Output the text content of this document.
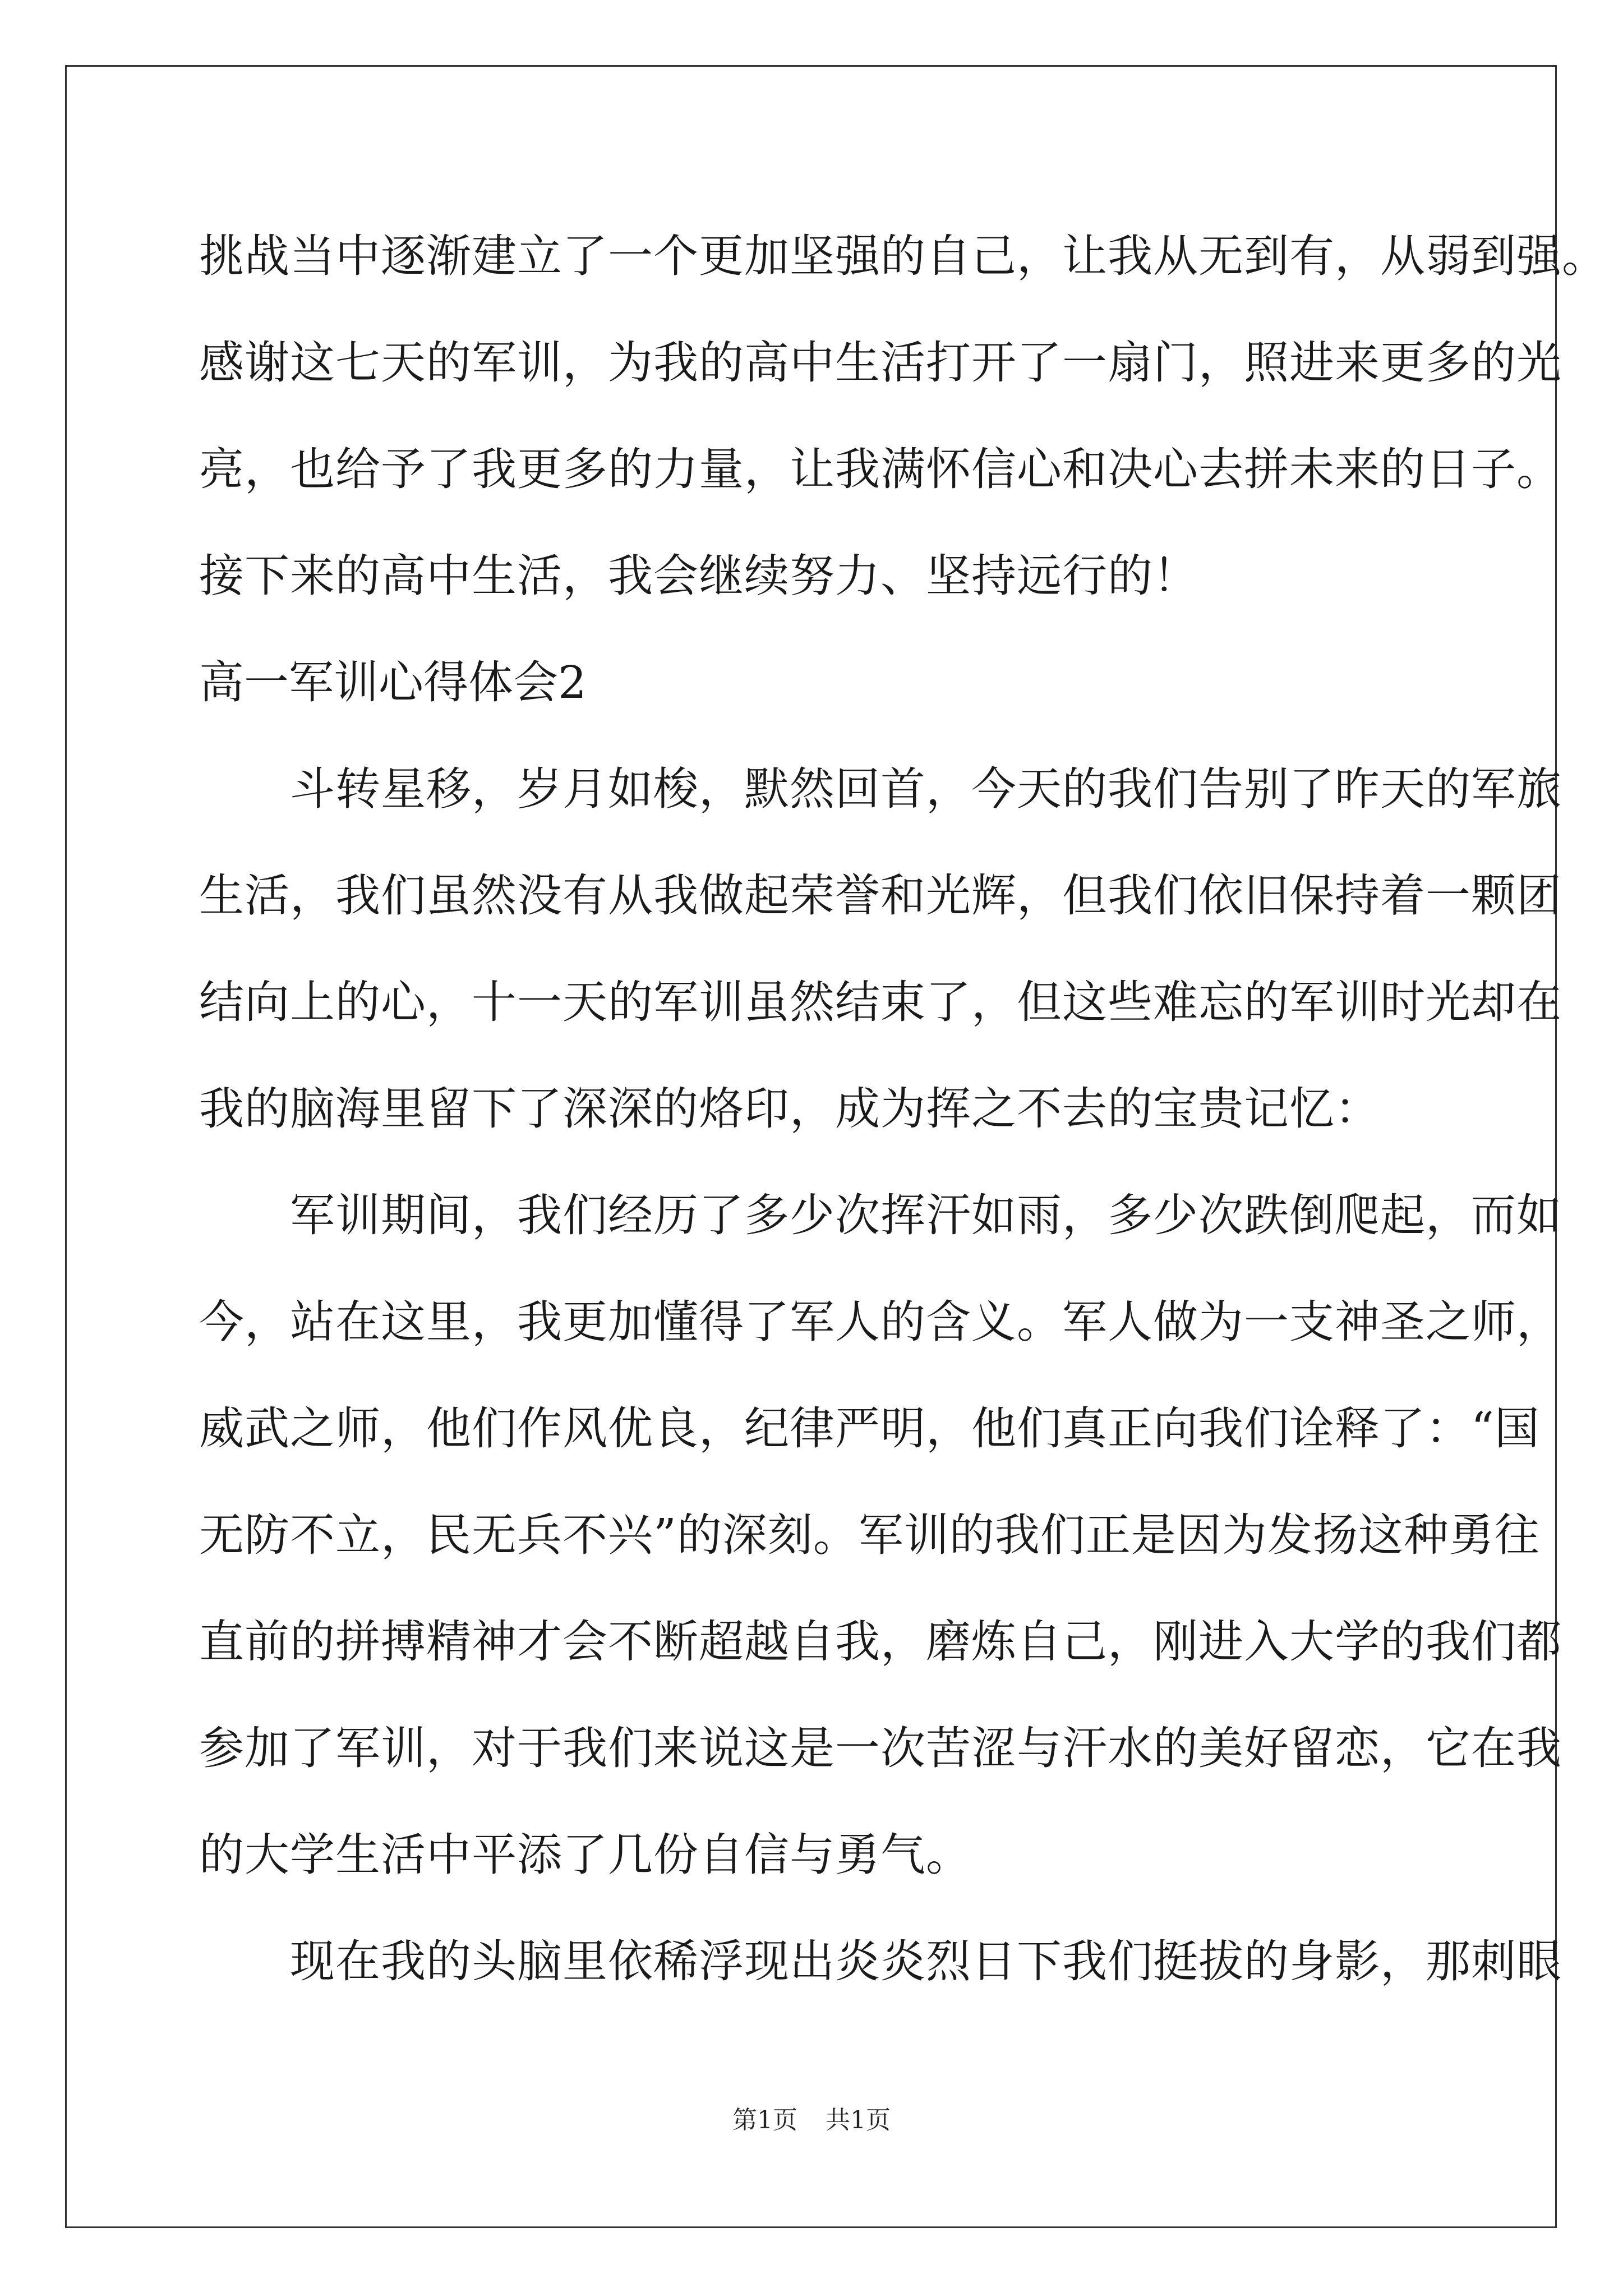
挑战当中逐渐建立了一个更加坚强的自己，让我从无到有，从弱到强。
感谢这七天的军训，为我的高中生活打开了一扇门，照进来更多的光
亮，也给予了我更多的力量，让我满怀信心和决心去拼未来的日子。
接下来的高中生活，我会继续努力、坚持远行的！
高一军训心得体会2
　　斗转星移，岁月如梭，默然回首，今天的我们告别了昨天的军旅
生活，我们虽然没有从我做起荣誉和光辉，但我们依旧保持着一颗团
结向上的心，十一天的军训虽然结束了，但这些难忘的军训时光却在
我的脑海里留下了深深的烙印，成为挥之不去的宝贵记忆：
　　军训期间，我们经历了多少次挥汗如雨，多少次跌倒爬起，而如
今，站在这里，我更加懂得了军人的含义。军人做为一支神圣之师，
威武之师，他们作风优良，纪律严明，他们真正向我们诠释了：“国
无防不立，民无兵不兴”的深刻。军训的我们正是因为发扬这种勇往
直前的拼搏精神才会不断超越自我，磨炼自己，刚进入大学的我们都
参加了军训，对于我们来说这是一次苦涩与汗水的美好留恋，它在我
的大学生活中平添了几份自信与勇气。
　　现在我的头脑里依稀浮现出炎炎烈日下我们挺拔的身影，那刺眼
第1页 共1页
